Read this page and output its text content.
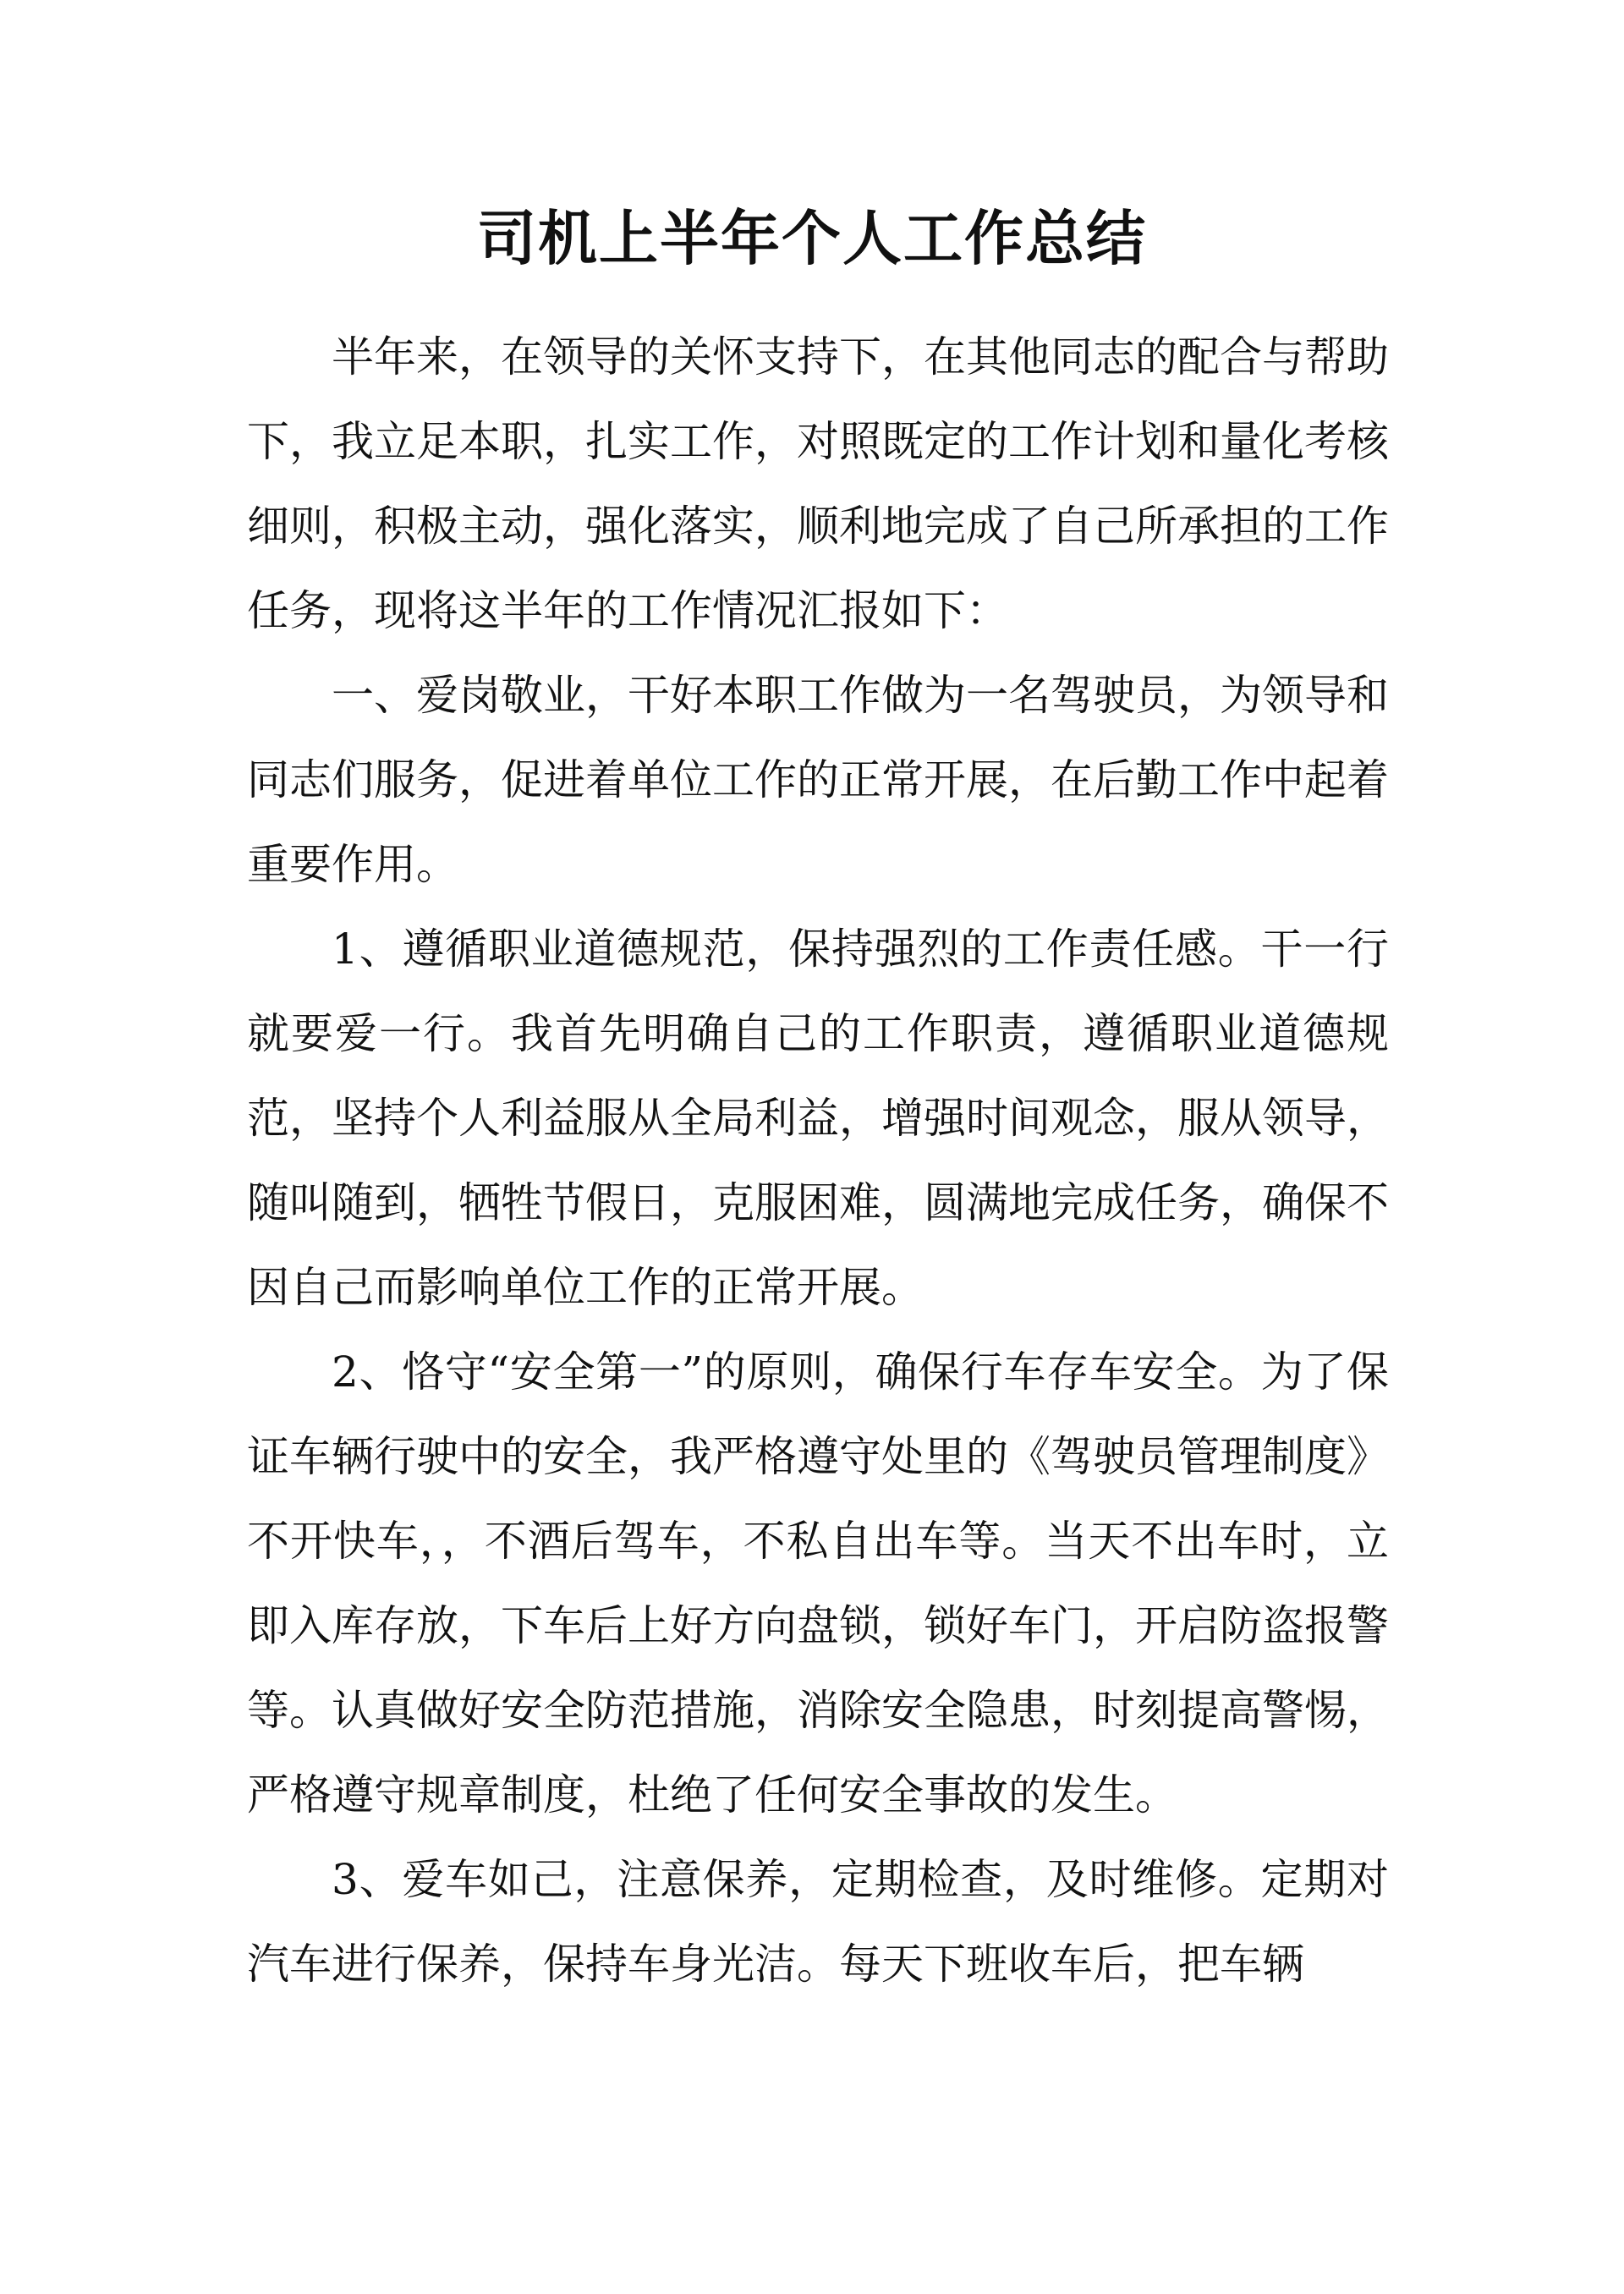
司机上半年个人工作总结

半年来，在领导的关怀支持下，在其他同志的配合与帮助下，我立足本职，扎实工作，对照既定的工作计划和量化考核细则，积极主动，强化落实，顺利地完成了自己所承担的工作任务，现将这半年的工作情况汇报如下：

一、爱岗敬业，干好本职工作做为一名驾驶员，为领导和同志们服务，促进着单位工作的正常开展，在后勤工作中起着重要作用。

1、遵循职业道德规范，保持强烈的工作责任感。干一行就要爱一行。我首先明确自己的工作职责，遵循职业道德规范，坚持个人利益服从全局利益，增强时间观念，服从领导，随叫随到，牺牲节假日，克服困难，圆满地完成任务，确保不因自己而影响单位工作的正常开展。

2、恪守“安全第一”的原则，确保行车存车安全。为了保证车辆行驶中的安全，我严格遵守处里的《驾驶员管理制度》不开快车，，不酒后驾车，不私自出车等。当天不出车时，立即入库存放，下车后上好方向盘锁，锁好车门，开启防盗报警等。认真做好安全防范措施，消除安全隐患，时刻提高警惕，严格遵守规章制度，杜绝了任何安全事故的发生。

3、爱车如己，注意保养，定期检查，及时维修。定期对汽车进行保养，保持车身光洁。每天下班收车后，把车辆
